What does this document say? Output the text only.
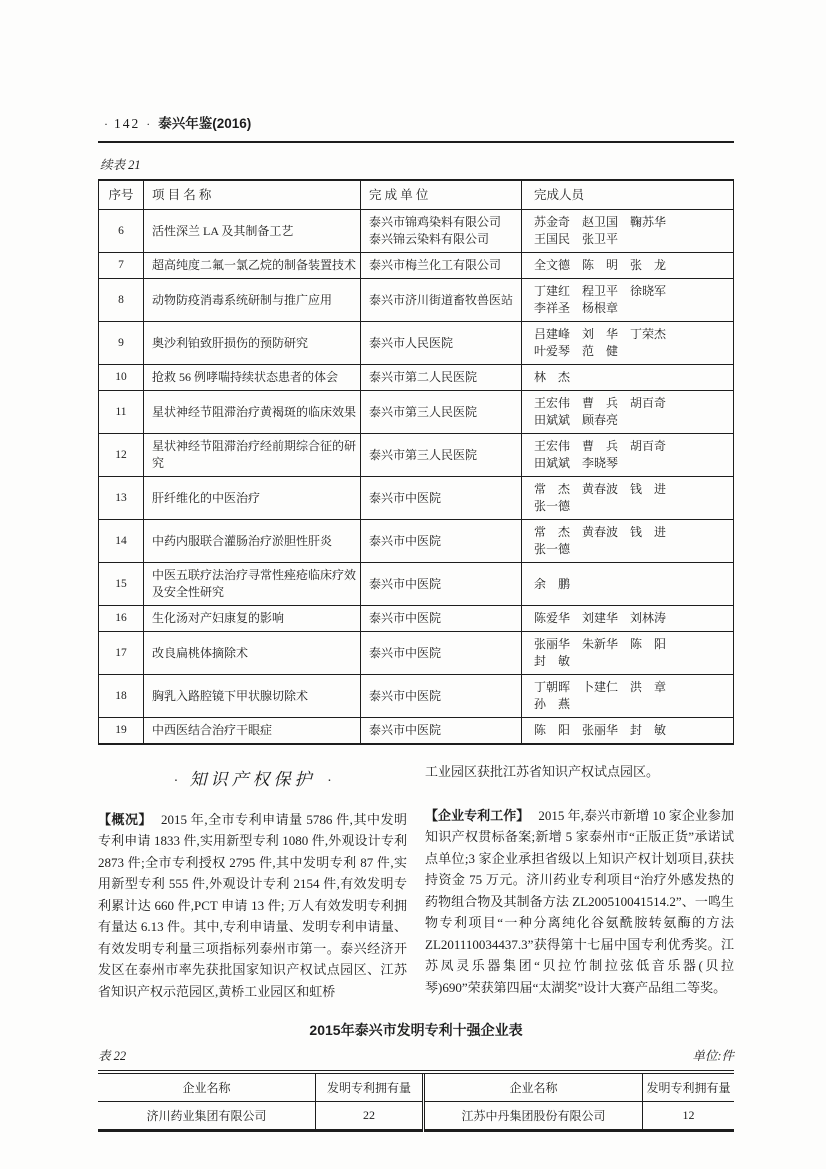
· 142 · 泰兴年鉴(2016)
续表 21
序号	项 目 名 称	完 成 单 位	完成人员
6	活性深兰 LA 及其制备工艺	
泰兴市锦鸡染料有限公司
泰兴锦云染料有限公司

苏金奇　赵卫国　鞠苏华
王国民　张卫平

7	超高纯度二氟一氯乙烷的制备装置技术	泰兴市梅兰化工有限公司	全文德　陈　明　张　龙

8	动物防疫消毒系统研制与推广应用	泰兴市济川街道畜牧兽医站	丁建红　程卫平　徐晓军
李祥圣　杨根章

9	奥沙利铂致肝损伤的预防研究	泰兴市人民医院	吕建峰　刘　华　丁荣杰
叶爱琴　范　健

10	抢救 56 例哮喘持续状态患者的体会	泰兴市第二人民医院	林　杰

11	星状神经节阻滞治疗黄褐斑的临床效果	泰兴市第三人民医院	王宏伟　曹　兵　胡百奇
田斌斌　顾春亮

12	星状神经节阻滞治疗经前期综合征的研究	泰兴市第三人民医院	王宏伟　曹　兵　胡百奇
田斌斌　李晓琴

13	肝纤维化的中医治疗	泰兴市中医院	常　杰　黄春波　钱　进
张一德

14	中药内服联合灌肠治疗淤胆性肝炎	泰兴市中医院	常　杰　黄春波　钱　进
张一德

15	中医五联疗法治疗寻常性痤疮临床疗效及安全性研究	泰兴市中医院	余　鹏

16	生化汤对产妇康复的影响	泰兴市中医院	陈爱华　刘建华　刘林涛

17	改良扁桃体摘除术	泰兴市中医院	张丽华　朱新华　陈　阳
封　敏

18	胸乳入路腔镜下甲状腺切除术	泰兴市中医院	丁朝晖　卜建仁　洪　章
孙　燕

19	中西医结合治疗干眼症	泰兴市中医院	陈　阳　张丽华　封　敏
· 知识产权保护 ·
【概况】 2015 年,全市专利申请量 5786 件,其中发明专利申请 1833 件,实用新型专利 1080 件,外观设计专利 2873 件;全市专利授权 2795 件,其中发明专利 87 件,实用新型专利 555 件,外观设计专利 2154 件,有效发明专利累计达 660 件,PCT 申请 13 件; 万人有效发明专利拥有量达 6.13 件。其中,专利申请量、发明专利申请量、有效发明专利量三项指标列泰州市第一。泰兴经济开发区在泰州市率先获批国家知识产权试点园区、江苏省知识产权示范园区,黄桥工业园区和虹桥
工业园区获批江苏省知识产权试点园区。
【企业专利工作】 2015 年,泰兴市新增 10 家企业参加知识产权贯标备案;新增 5 家泰州市“正版正货”承诺试点单位;3 家企业承担省级以上知识产权计划项目,获扶持资金 75 万元。济川药业专利项目“治疗外感发热的药物组合物及其制备方法 ZL200510041514.2”、一鸣生物专利项目“一种分离纯化谷氨酰胺转氨酶的方法 ZL201110034437.3”获得第十七届中国专利优秀奖。江苏凤灵乐器集团“贝拉竹制拉弦低音乐器(贝拉琴)690”荣获第四届“太湖奖”设计大赛产品组二等奖。
2015年泰兴市发明专利十强企业表
表 22	单位:件
企业名称	发明专利拥有量	企业名称	发明专利拥有量
济川药业集团有限公司	22	江苏中丹集团股份有限公司	12
